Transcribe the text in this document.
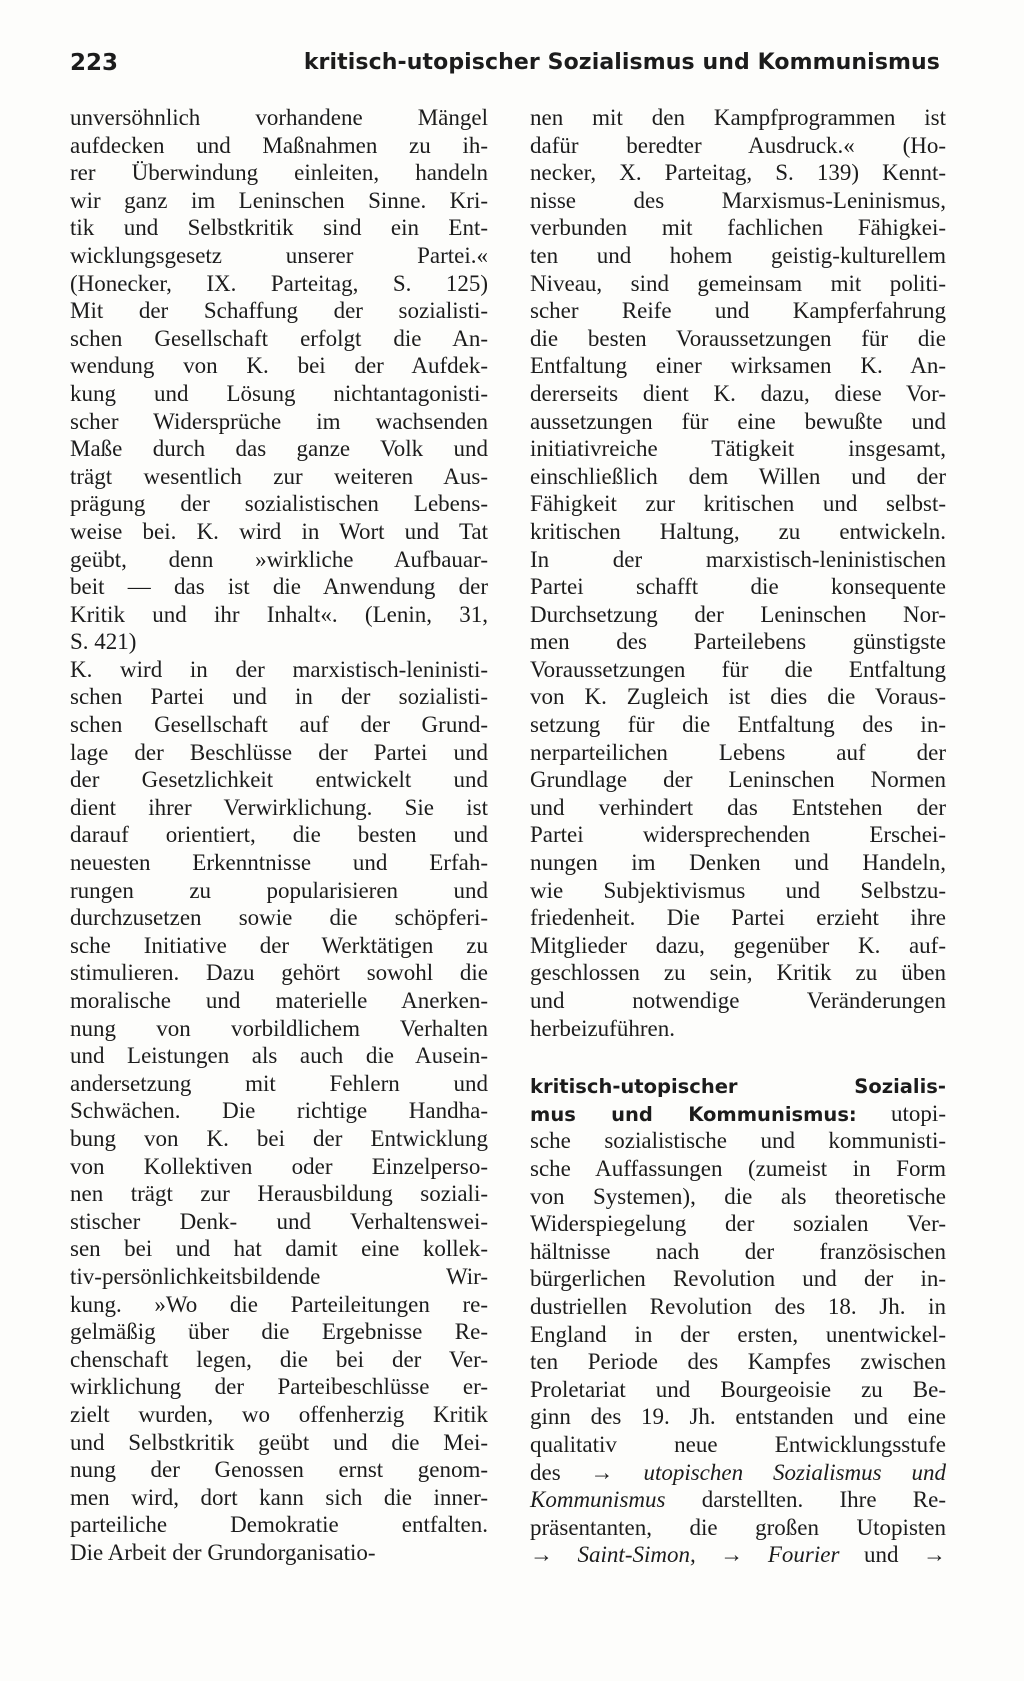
223	kritisch-utopischer Sozialismus und Kommunismus
unversöhnlich vorhandene Mängel
aufdecken und Maßnahmen zu ih-
rer Überwindung einleiten, handeln
wir ganz im Leninschen Sinne. Kri-
tik und Selbstkritik sind ein Ent-
wicklungsgesetz unserer Partei.«
(Honecker, IX. Parteitag, S. 125)
Mit der Schaffung der sozialisti-
schen Gesellschaft erfolgt die An-
wendung von K. bei der Aufdek-
kung und Lösung nichtantagonisti-
scher Widersprüche im wachsenden
Maße durch das ganze Volk und
trägt wesentlich zur weiteren Aus-
prägung der sozialistischen Lebens-
weise bei. K. wird in Wort und Tat
geübt, denn »wirkliche Aufbauar-
beit — das ist die Anwendung der
Kritik und ihr Inhalt«. (Lenin, 31,
S. 421)
K. wird in der marxistisch-leninisti-
schen Partei und in der sozialisti-
schen Gesellschaft auf der Grund-
lage der Beschlüsse der Partei und
der Gesetzlichkeit entwickelt und
dient ihrer Verwirklichung. Sie ist
darauf orientiert, die besten und
neuesten Erkenntnisse und Erfah-
rungen zu popularisieren und
durchzusetzen sowie die schöpferi-
sche Initiative der Werktätigen zu
stimulieren. Dazu gehört sowohl die
moralische und materielle Anerken-
nung von vorbildlichem Verhalten
und Leistungen als auch die Ausein-
andersetzung mit Fehlern und
Schwächen. Die richtige Handha-
bung von K. bei der Entwicklung
von Kollektiven oder Einzelperso-
nen trägt zur Herausbildung soziali-
stischer Denk- und Verhaltenswei-
sen bei und hat damit eine kollek-
tiv-persönlichkeitsbildende Wir-
kung. »Wo die Parteileitungen re-
gelmäßig über die Ergebnisse Re-
chenschaft legen, die bei der Ver-
wirklichung der Parteibeschlüsse er-
zielt wurden, wo offenherzig Kritik
und Selbstkritik geübt und die Mei-
nung der Genossen ernst genom-
men wird, dort kann sich die inner-
parteiliche Demokratie entfalten.
Die Arbeit der Grundorganisatio-
nen mit den Kampfprogrammen ist
dafür beredter Ausdruck.« (Ho-
necker, X. Parteitag, S. 139) Kennt-
nisse des Marxismus-Leninismus,
verbunden mit fachlichen Fähigkei-
ten und hohem geistig-kulturellem
Niveau, sind gemeinsam mit politi-
scher Reife und Kampferfahrung
die besten Voraussetzungen für die
Entfaltung einer wirksamen K. An-
dererseits dient K. dazu, diese Vor-
aussetzungen für eine bewußte und
initiativreiche Tätigkeit insgesamt,
einschließlich dem Willen und der
Fähigkeit zur kritischen und selbst-
kritischen Haltung, zu entwickeln.
In der marxistisch-leninistischen
Partei schafft die konsequente
Durchsetzung der Leninschen Nor-
men des Parteilebens günstigste
Voraussetzungen für die Entfaltung
von K. Zugleich ist dies die Voraus-
setzung für die Entfaltung des in-
nerparteilichen Lebens auf der
Grundlage der Leninschen Normen
und verhindert das Entstehen der
Partei widersprechenden Erschei-
nungen im Denken und Handeln,
wie Subjektivismus und Selbstzu-
friedenheit. Die Partei erzieht ihre
Mitglieder dazu, gegenüber K. auf-
geschlossen zu sein, Kritik zu üben
und notwendige Veränderungen
herbeizuführen.
kritisch-utopischer Sozialis-
mus und Kommunismus: utopi-
sche sozialistische und kommunisti-
sche Auffassungen (zumeist in Form
von Systemen), die als theoretische
Widerspiegelung der sozialen Ver-
hältnisse nach der französischen
bürgerlichen Revolution und der in-
dustriellen Revolution des 18. Jh. in
England in der ersten, unentwickel-
ten Periode des Kampfes zwischen
Proletariat und Bourgeoisie zu Be-
ginn des 19. Jh. entstanden und eine
qualitativ neue Entwicklungsstufe
des → utopischen Sozialismus und
Kommunismus darstellten. Ihre Re-
präsentanten, die großen Utopisten
→ Saint-Simon, → Fourier und →
